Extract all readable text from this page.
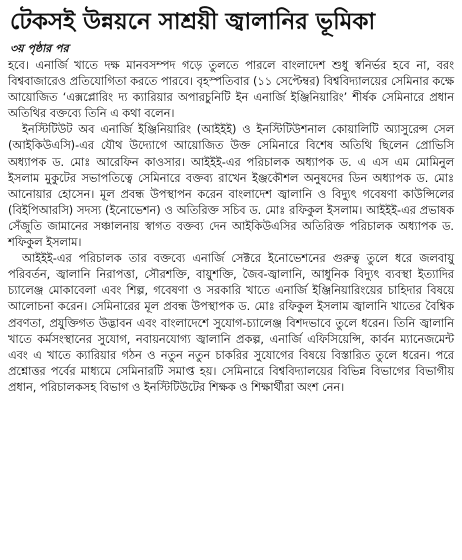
টেকসই উন্নয়নে সাশ্রয়ী জ্বালানির ভূমিকা
৩য় পৃষ্ঠার পর

হবে। এনার্জি খাতে দক্ষ মানবসম্পদ গড়ে তুলতে পারলে বাংলাদেশ শুধু স্বনির্ভর হবে না, বরং বিশ্ববাজারেও প্রতিযোগিতা করতে পারবে। বৃহস্পতিবার (১১ সেপ্টেম্বর) বিশ্ববিদ্যালয়ের সেমিনার কক্ষে আয়োজিত ‘এক্সপ্লোরিং দ্য ক্যারিয়ার অপারচুনিটি ইন এনার্জি ইঞ্জিনিয়ারিং’ শীর্ষক সেমিনারে প্রধান অতিথির বক্তব্যে তিনি এ কথা বলেন।

ইনস্টিটিউট অব এনার্জি ইঞ্জিনিয়ারিং (আইইই) ও ইনস্টিটিউশনাল কোয়ালিটি অ্যাসুরেন্স সেল (আইকিউএসি)-এর যৌথ উদ্যোগে আয়োজিত উক্ত সেমিনারে বিশেষ অতিথি ছিলেন প্রোভিসি অধ্যাপক ড. মোঃ আরেফিন কাওসার। আইইই-এর পরিচালক অধ্যাপক ড. এ এস এম মোমিনুল ইসলাম মুকুটের সভাপতিত্বে সেমিনারে বক্তব্য রাখেন ইঞ্জকৌশল অনুষদের ডিন অধ্যাপক ড. মোঃ আনোয়ার হোসেন। মূল প্রবন্ধ উপস্থাপন করেন বাংলাদেশ জ্বালানি ও বিদ্যুৎ গবেষণা কাউন্সিলের (বিইপিআরসি) সদস্য (ইনোভেশন) ও অতিরিক্ত সচিব ড. মোঃ রফিকুল ইসলাম। আইইই-এর প্রভাষক সেঁজুতি জামানের সঞ্চালনায় স্বাগত বক্তব্য দেন আইকিউএসির অতিরিক্ত পরিচালক অধ্যাপক ড. শফিকুল ইসলাম।

আইইই-এর পরিচালক তার বক্তব্যে এনার্জি সেক্টরে ইনোভেশনের গুরুত্ব তুলে ধরে জলবায়ু পরিবর্তন, জ্বালানি নিরাপত্তা, সৌরশক্তি, বায়ুশক্তি, জৈব-জ্বালানি, আধুনিক বিদ্যুৎ ব্যবস্থা ইত্যাদির চ্যালেঞ্জ মোকাবেলা এবং শিল্প, গবেষণা ও সরকারি খাতে এনার্জি ইঞ্জিনিয়ারিংয়ের চাহিদার বিষয়ে আলোচনা করেন। সেমিনারের মূল প্রবন্ধ উপস্থাপক ড. মোঃ রফিকুল ইসলাম জ্বালানি খাতের বৈশ্বিক প্রবণতা, প্রযুক্তিগত উদ্ভাবন এবং বাংলাদেশে সুযোগ-চ্যালেঞ্জ বিশদভাবে তুলে ধরেন। তিনি জ্বালানি খাতে কর্মসংস্থানের সুযোগ, নবায়নযোগ্য জ্বালানি প্রকল্প, এনার্জি এফিসিয়েন্সি, কার্বন ম্যানেজমেন্ট এবং এ খাতে ক্যারিয়ার গঠন ও নতুন নতুন চাকরির সুযোগের বিষয়ে বিস্তারিত তুলে ধরেন। পরে প্রশ্নোত্তর পর্বের মাধ্যমে সেমিনারটি সমাপ্ত হয়। সেমিনারে বিশ্ববিদ্যালয়ের বিভিন্ন বিভাগের বিভাগীয় প্রধান, পরিচালকসহ বিভাগ ও ইনস্টিটিউটের শিক্ষক ও শিক্ষার্থীরা অংশ নেন।
